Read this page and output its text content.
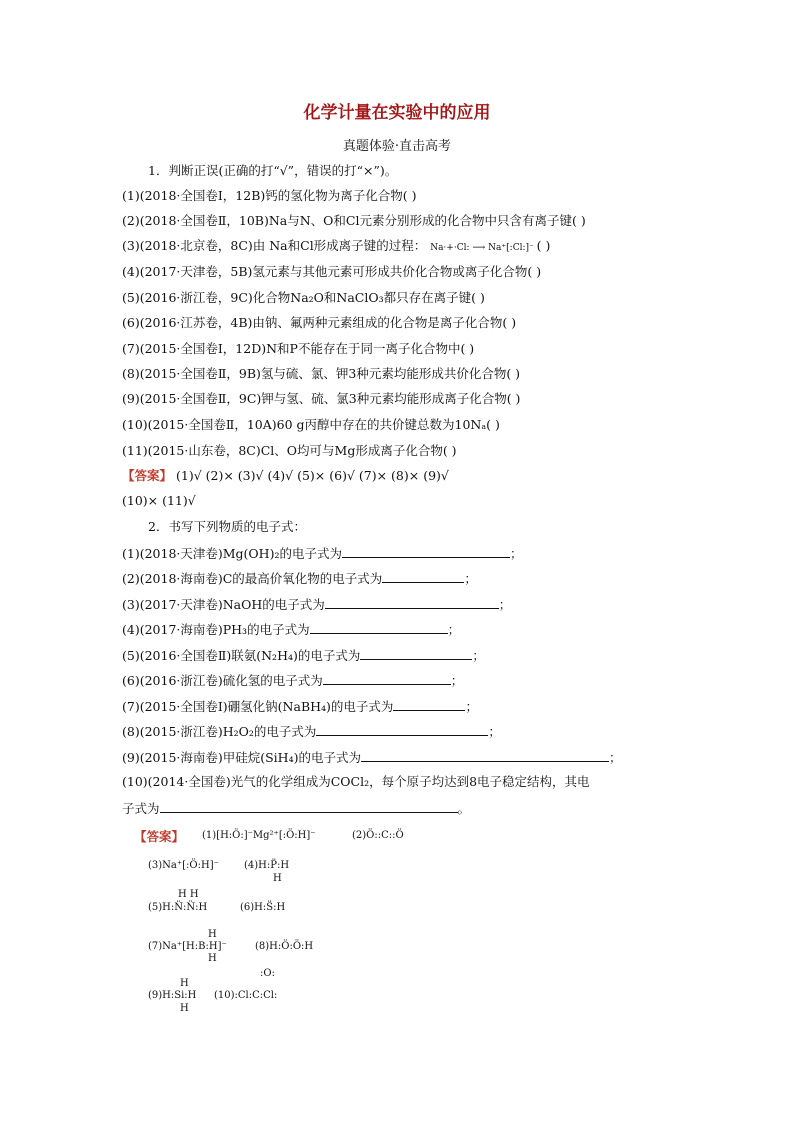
化学计量在实验中的应用
真题体验·直击高考
1．判断正误(正确的打“√”，错误的打“×”)。
(1)(2018·全国卷Ⅰ，12B)钙的氢化物为离子化合物( )
(2)(2018·全国卷Ⅱ，10B)Na与N、O和Cl元素分别形成的化合物中只含有离子键( )
(3)(2018·北京卷，8C)由 Na和Cl形成离子键的过程： Na·+·Cl: ⟶ Na⁺[:Cl:]⁻ ( )
(4)(2017·天津卷，5B)氢元素与其他元素可形成共价化合物或离子化合物( )
(5)(2016·浙江卷，9C)化合物Na₂O和NaClO₃都只存在离子键( )
(6)(2016·江苏卷，4B)由钠、氟两种元素组成的化合物是离子化合物( )
(7)(2015·全国卷Ⅰ，12D)N和P不能存在于同一离子化合物中( )
(8)(2015·全国卷Ⅱ，9B)氢与硫、氯、钾3种元素均能形成共价化合物( )
(9)(2015·全国卷Ⅱ，9C)钾与氢、硫、氯3种元素均能形成离子化合物( )
(10)(2015·全国卷Ⅱ，10A)60 g丙醇中存在的共价键总数为10Nₐ( )
(11)(2015·山东卷，8C)Cl、O均可与Mg形成离子化合物( )
【答案】 (1)√ (2)× (3)√ (4)√ (5)× (6)√ (7)× (8)× (9)√
(10)× (11)√
2．书写下列物质的电子式：
(1)(2018·天津卷)Mg(OH)₂的电子式为	；
(2)(2018·海南卷)C的最高价氧化物的电子式为	；
(3)(2017·天津卷)NaOH的电子式为	；
(4)(2017·海南卷)PH₃的电子式为	；
(5)(2016·全国卷Ⅱ)联氨(N₂H₄)的电子式为	；
(6)(2016·浙江卷)硫化氢的电子式为	；
(7)(2015·全国卷Ⅰ)硼氢化钠(NaBH₄)的电子式为	；
(8)(2015·浙江卷)H₂O₂的电子式为	；
(9)(2015·海南卷)甲硅烷(SiH₄)的电子式为	；
(10)(2014·全国卷)光气的化学组成为COCl₂，每个原子均达到8电子稳定结构，其电
子式为	。
【答案】 (1)[H:Ö:]⁻Mg²⁺[:Ö:H]⁻	(2)Ö::C::Ö
(3)Na⁺[:Ö:H]⁻	(4)H:P̈:H
H
H H
(5)H:N̈:N̈:H	(6)H:S̈:H
H
(7)Na⁺[H:B:H]⁻
H
(8)H:Ö:Ö:H
:O:
H
(9)H:Si:H
H
(10):Cl:C:Cl:
